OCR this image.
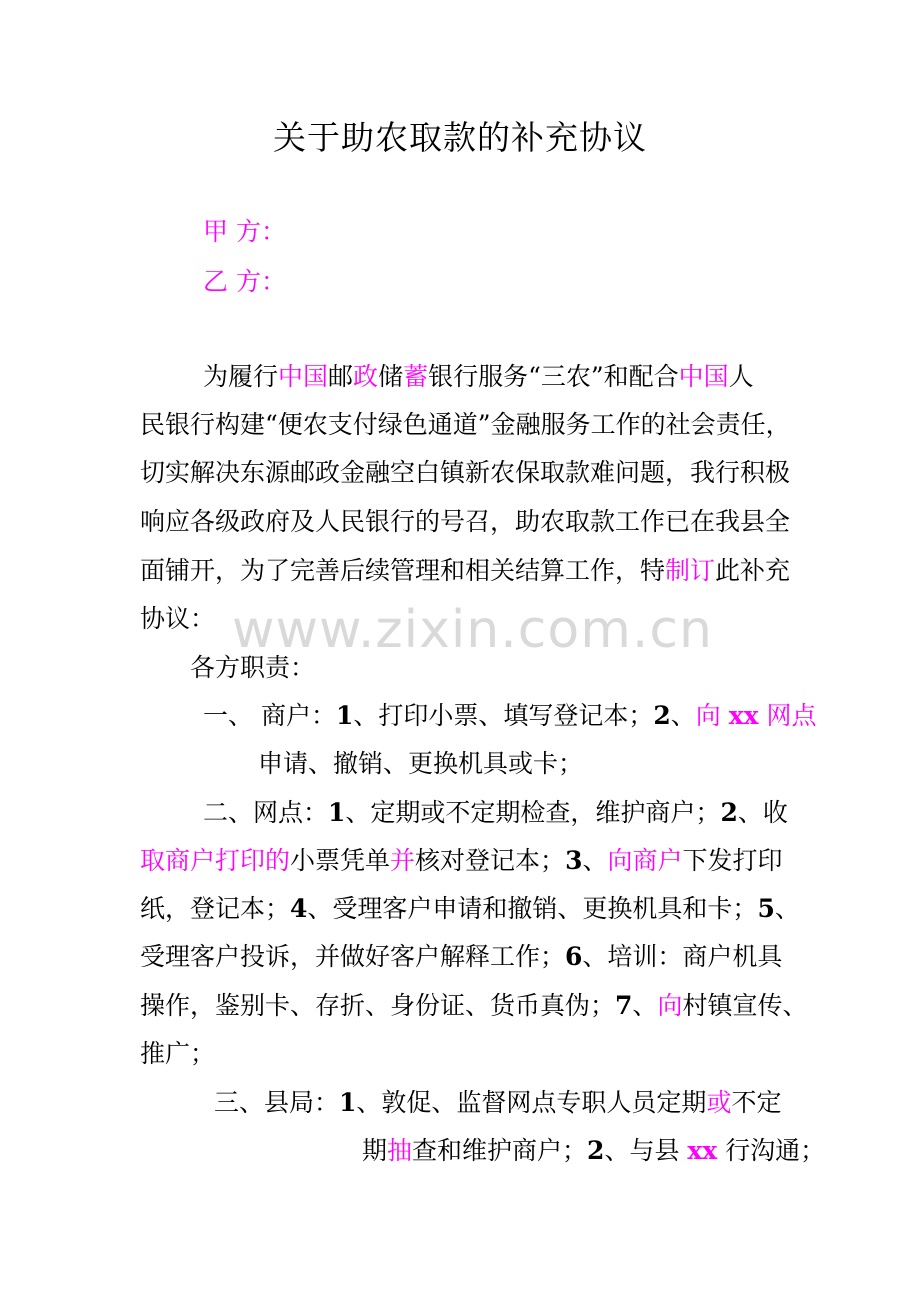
关于助农取款的补充协议
甲 方：
乙 方：
为履行中国邮政储蓄银行服务“三农”和配合中国人
民银行构建“便农支付绿色通道”金融服务工作的社会责任，
切实解决东源邮政金融空白镇新农保取款难问题，我行积极
响应各级政府及人民银行的号召，助农取款工作已在我县全
面铺开，为了完善后续管理和相关结算工作，特制订此补充
协议：
各方职责：
一、 商户：1、打印小票、填写登记本；2、向 xx 网点
申请、撤销、更换机具或卡；
二、网点：1、定期或不定期检查，维护商户；2、收
取商户打印的小票凭单并核对登记本；3、向商户下发打印
纸，登记本；4、受理客户申请和撤销、更换机具和卡；5、
受理客户投诉，并做好客户解释工作；6、培训：商户机具
操作，鉴别卡、存折、身份证、货币真伪；7、向村镇宣传、
推广；
三、县局：1、敦促、监督网点专职人员定期或不定
期抽查和维护商户；2、与县 xx 行沟通；
www.zixin.com.cn
